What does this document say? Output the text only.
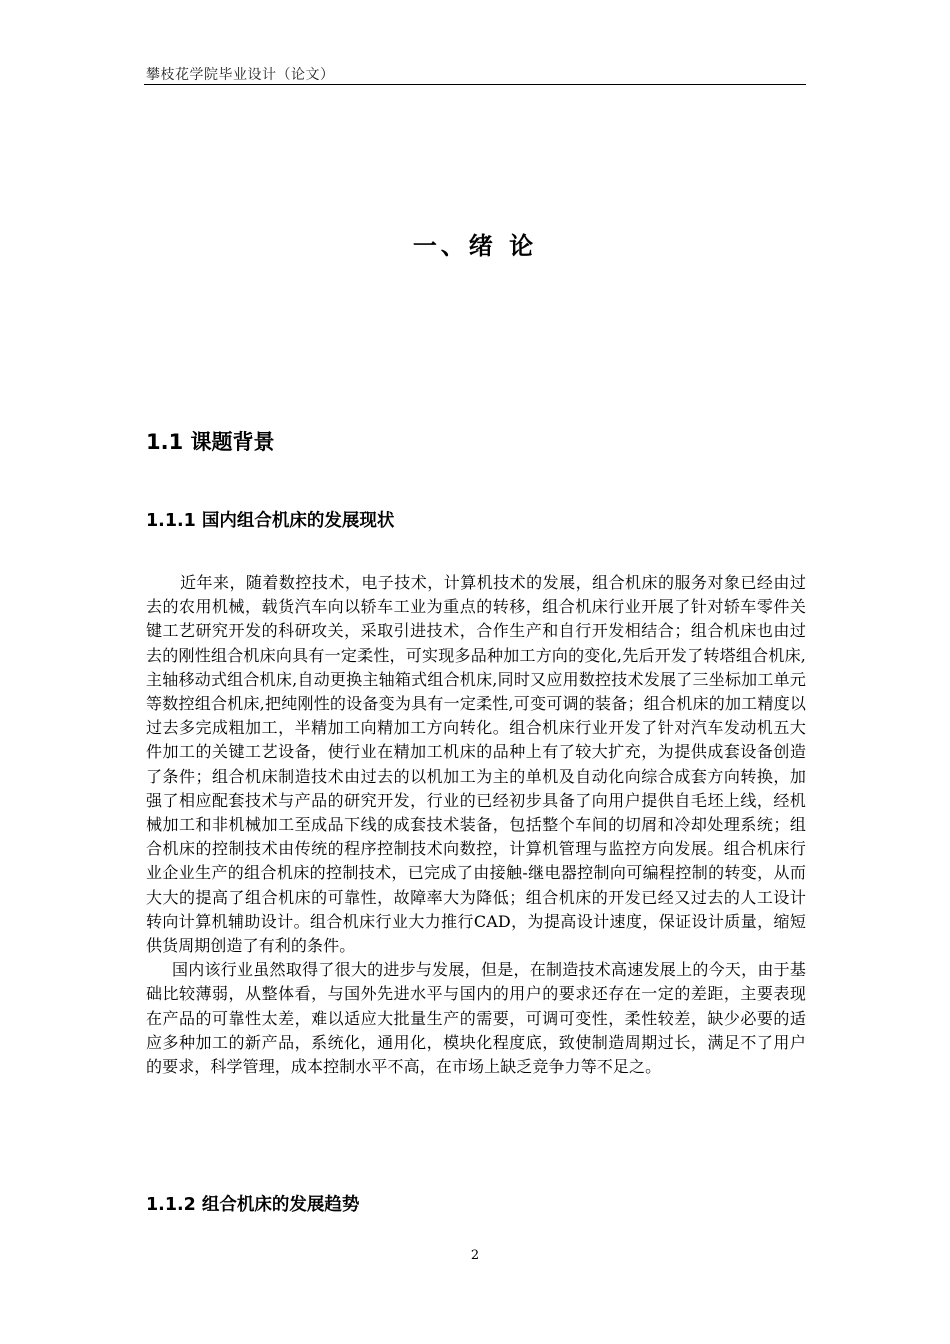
攀枝花学院毕业设计（论文）
一、绪 论
1.1 课题背景
1.1.1 国内组合机床的发展现状

近年来，随着数控技术，电子技术，计算机技术的发展，组合机床的服务对象已经由过去的农用机械，载货汽车向以轿车工业为重点的转移，组合机床行业开展了针对轿车零件关键工艺研究开发的科研攻关，采取引进技术，合作生产和自行开发相结合；组合机床也由过去的刚性组合机床向具有一定柔性，可实现多品种加工方向的变化,先后开发了转塔组合机床,主轴移动式组合机床,自动更换主轴箱式组合机床,同时又应用数控技术发展了三坐标加工单元等数控组合机床,把纯刚性的设备变为具有一定柔性,可变可调的装备；组合机床的加工精度以过去多完成粗加工，半精加工向精加工方向转化。组合机床行业开发了针对汽车发动机五大件加工的关键工艺设备，使行业在精加工机床的品种上有了较大扩充，为提供成套设备创造了条件；组合机床制造技术由过去的以机加工为主的单机及自动化向综合成套方向转换，加强了相应配套技术与产品的研究开发，行业的已经初步具备了向用户提供自毛坯上线，经机械加工和非机械加工至成品下线的成套技术装备，包括整个车间的切屑和冷却处理系统；组合机床的控制技术由传统的程序控制技术向数控，计算机管理与监控方向发展。组合机床行业企业生产的组合机床的控制技术，已完成了由接触-继电器控制向可编程控制的转变，从而大大的提高了组合机床的可靠性，故障率大为降低；组合机床的开发已经又过去的人工设计转向计算机辅助设计。组合机床行业大力推行CAD，为提高设计速度，保证设计质量，缩短供货周期创造了有利的条件。

国内该行业虽然取得了很大的进步与发展，但是，在制造技术高速发展上的今天，由于基础比较薄弱，从整体看，与国外先进水平与国内的用户的要求还存在一定的差距，主要表现在产品的可靠性太差，难以适应大批量生产的需要，可调可变性，柔性较差，缺少必要的适应多种加工的新产品，系统化，通用化，模块化程度底，致使制造周期过长，满足不了用户的要求，科学管理，成本控制水平不高，在市场上缺乏竞争力等不足之。

1.1.2 组合机床的发展趋势
2
